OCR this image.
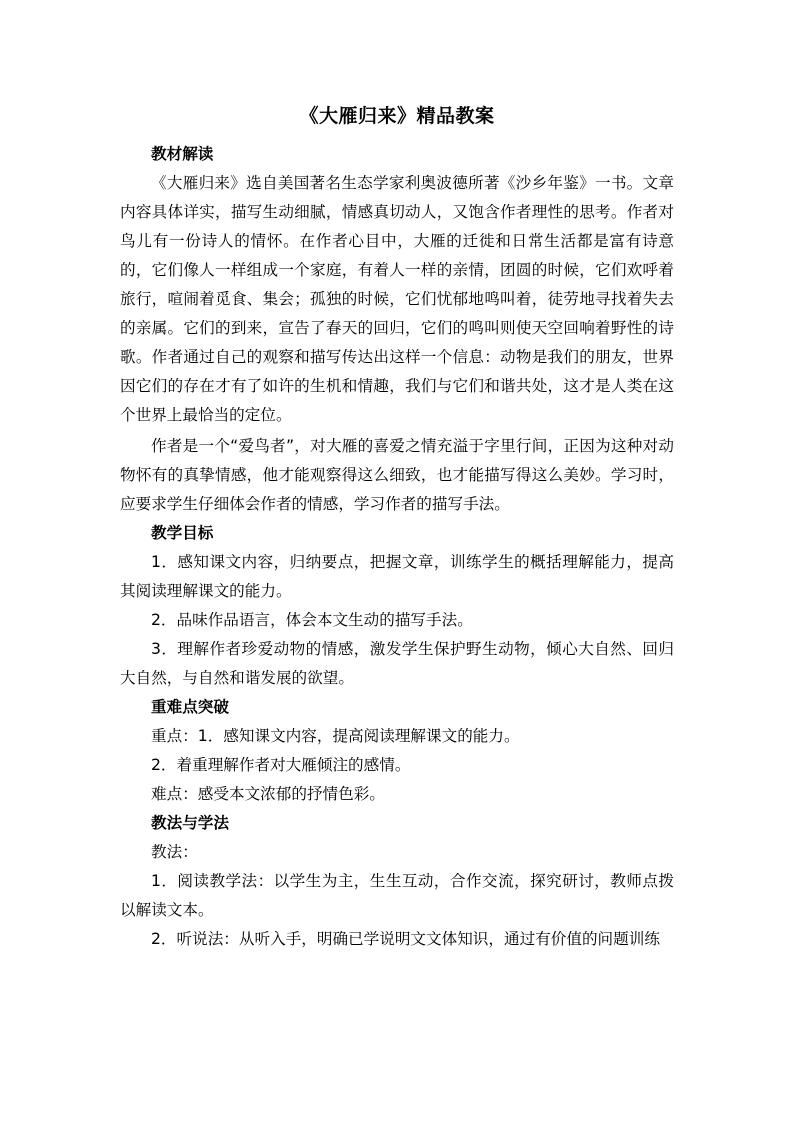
《大雁归来》精品教案
教材解读

《大雁归来》选自美国著名生态学家利奥波德所著《沙乡年鉴》一书。文章内容具体详实，描写生动细腻，情感真切动人，又饱含作者理性的思考。作者对鸟儿有一份诗人的情怀。在作者心目中，大雁的迁徙和日常生活都是富有诗意的，它们像人一样组成一个家庭，有着人一样的亲情，团圆的时候，它们欢呼着旅行，喧闹着觅食、集会；孤独的时候，它们忧郁地鸣叫着，徒劳地寻找着失去的亲属。它们的到来，宣告了春天的回归，它们的鸣叫则使天空回响着野性的诗歌。作者通过自己的观察和描写传达出这样一个信息：动物是我们的朋友，世界因它们的存在才有了如许的生机和情趣，我们与它们和谐共处，这才是人类在这个世界上最恰当的定位。

作者是一个“爱鸟者”，对大雁的喜爱之情充溢于字里行间，正因为这种对动物怀有的真挚情感，他才能观察得这么细致，也才能描写得这么美妙。学习时，应要求学生仔细体会作者的情感，学习作者的描写手法。

教学目标

1．感知课文内容，归纳要点，把握文章，训练学生的概括理解能力，提高其阅读理解课文的能力。

2．品味作品语言，体会本文生动的描写手法。

3．理解作者珍爱动物的情感，激发学生保护野生动物，倾心大自然、回归大自然，与自然和谐发展的欲望。

重难点突破

重点：1．感知课文内容，提高阅读理解课文的能力。

2．着重理解作者对大雁倾注的感情。

难点：感受本文浓郁的抒情色彩。

教法与学法

教法：

1．阅读教学法：以学生为主，生生互动，合作交流，探究研讨，教师点拨以解读文本。

2．听说法：从听入手，明确已学说明文文体知识，通过有价值的问题训练
